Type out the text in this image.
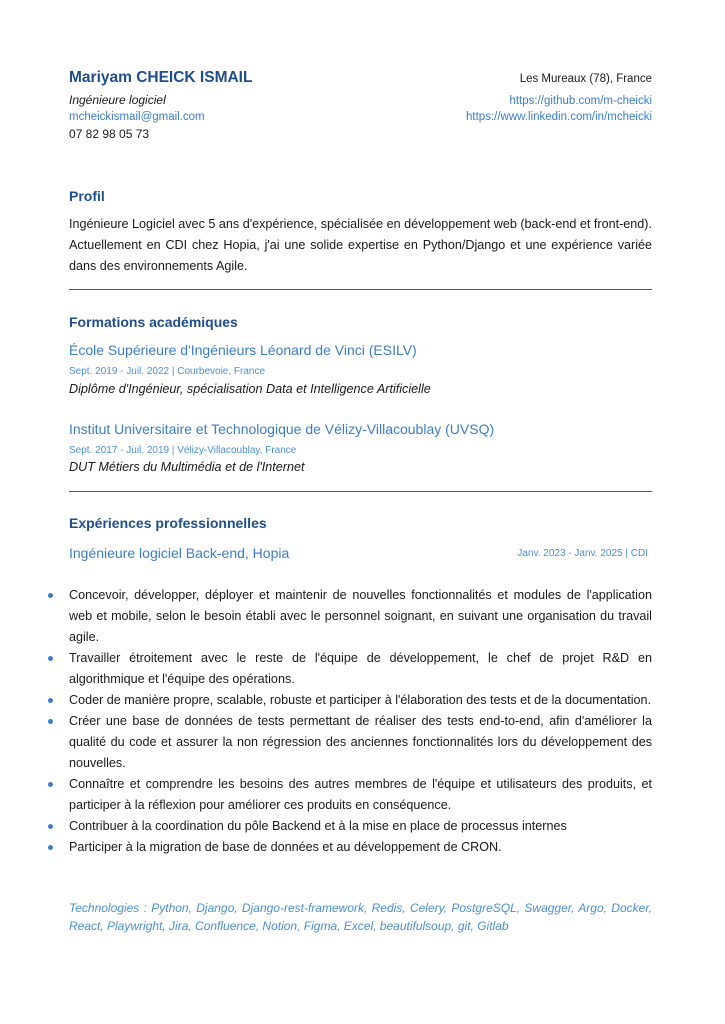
Mariyam CHEICK ISMAIL	Les Mureaux (78), France
Ingénieure logiciel	https://github.com/m-cheicki
mcheickismail@gmail.com	https://www.linkedin.com/in/mcheicki
07 82 98 05 73
Profil
Ingénieure Logiciel avec 5 ans d'expérience, spécialisée en développement web (back-end et front-end). Actuellement en CDI chez Hopia, j'ai une solide expertise en Python/Django et une expérience variée dans des environnements Agile.
Formations académiques
École Supérieure d'Ingénieurs Léonard de Vinci (ESILV)
Sept. 2019 - Juil. 2022 | Courbevoie, France
Diplôme d'Ingénieur, spécialisation Data et Intelligence Artificielle
Institut Universitaire et Technologique de Vélizy-Villacoublay (UVSQ)
Sept. 2017 - Juil. 2019 | Vélizy-Villacoublay, France
DUT Métiers du Multimédia et de l'Internet
Expériences professionnelles
Ingénieure logiciel Back-end, Hopia	Janv. 2023 - Janv. 2025 | CDI
Concevoir, développer, déployer et maintenir de nouvelles fonctionnalités et modules de l'application web et mobile, selon le besoin établi avec le personnel soignant, en suivant une organisation du travail agile.
Travailler étroitement avec le reste de l'équipe de développement, le chef de projet R&D en algorithmique et l'équipe des opérations.
Coder de manière propre, scalable, robuste et participer à l'élaboration des tests et de la documentation.
Créer une base de données de tests permettant de réaliser des tests end-to-end, afin d'améliorer la qualité du code et assurer la non régression des anciennes fonctionnalités lors du développement des nouvelles.
Connaître et comprendre les besoins des autres membres de l'équipe et utilisateurs des produits, et participer à la réflexion pour améliorer ces produits en conséquence.
Contribuer à la coordination du pôle Backend et à la mise en place de processus internes
Participer à la migration de base de données et au développement de CRON.
Technologies : Python, Django, Django-rest-framework, Redis, Celery, PostgreSQL, Swagger, Argo, Docker, React, Playwright, Jira, Confluence, Notion, Figma, Excel, beautifulsoup, git, Gitlab
